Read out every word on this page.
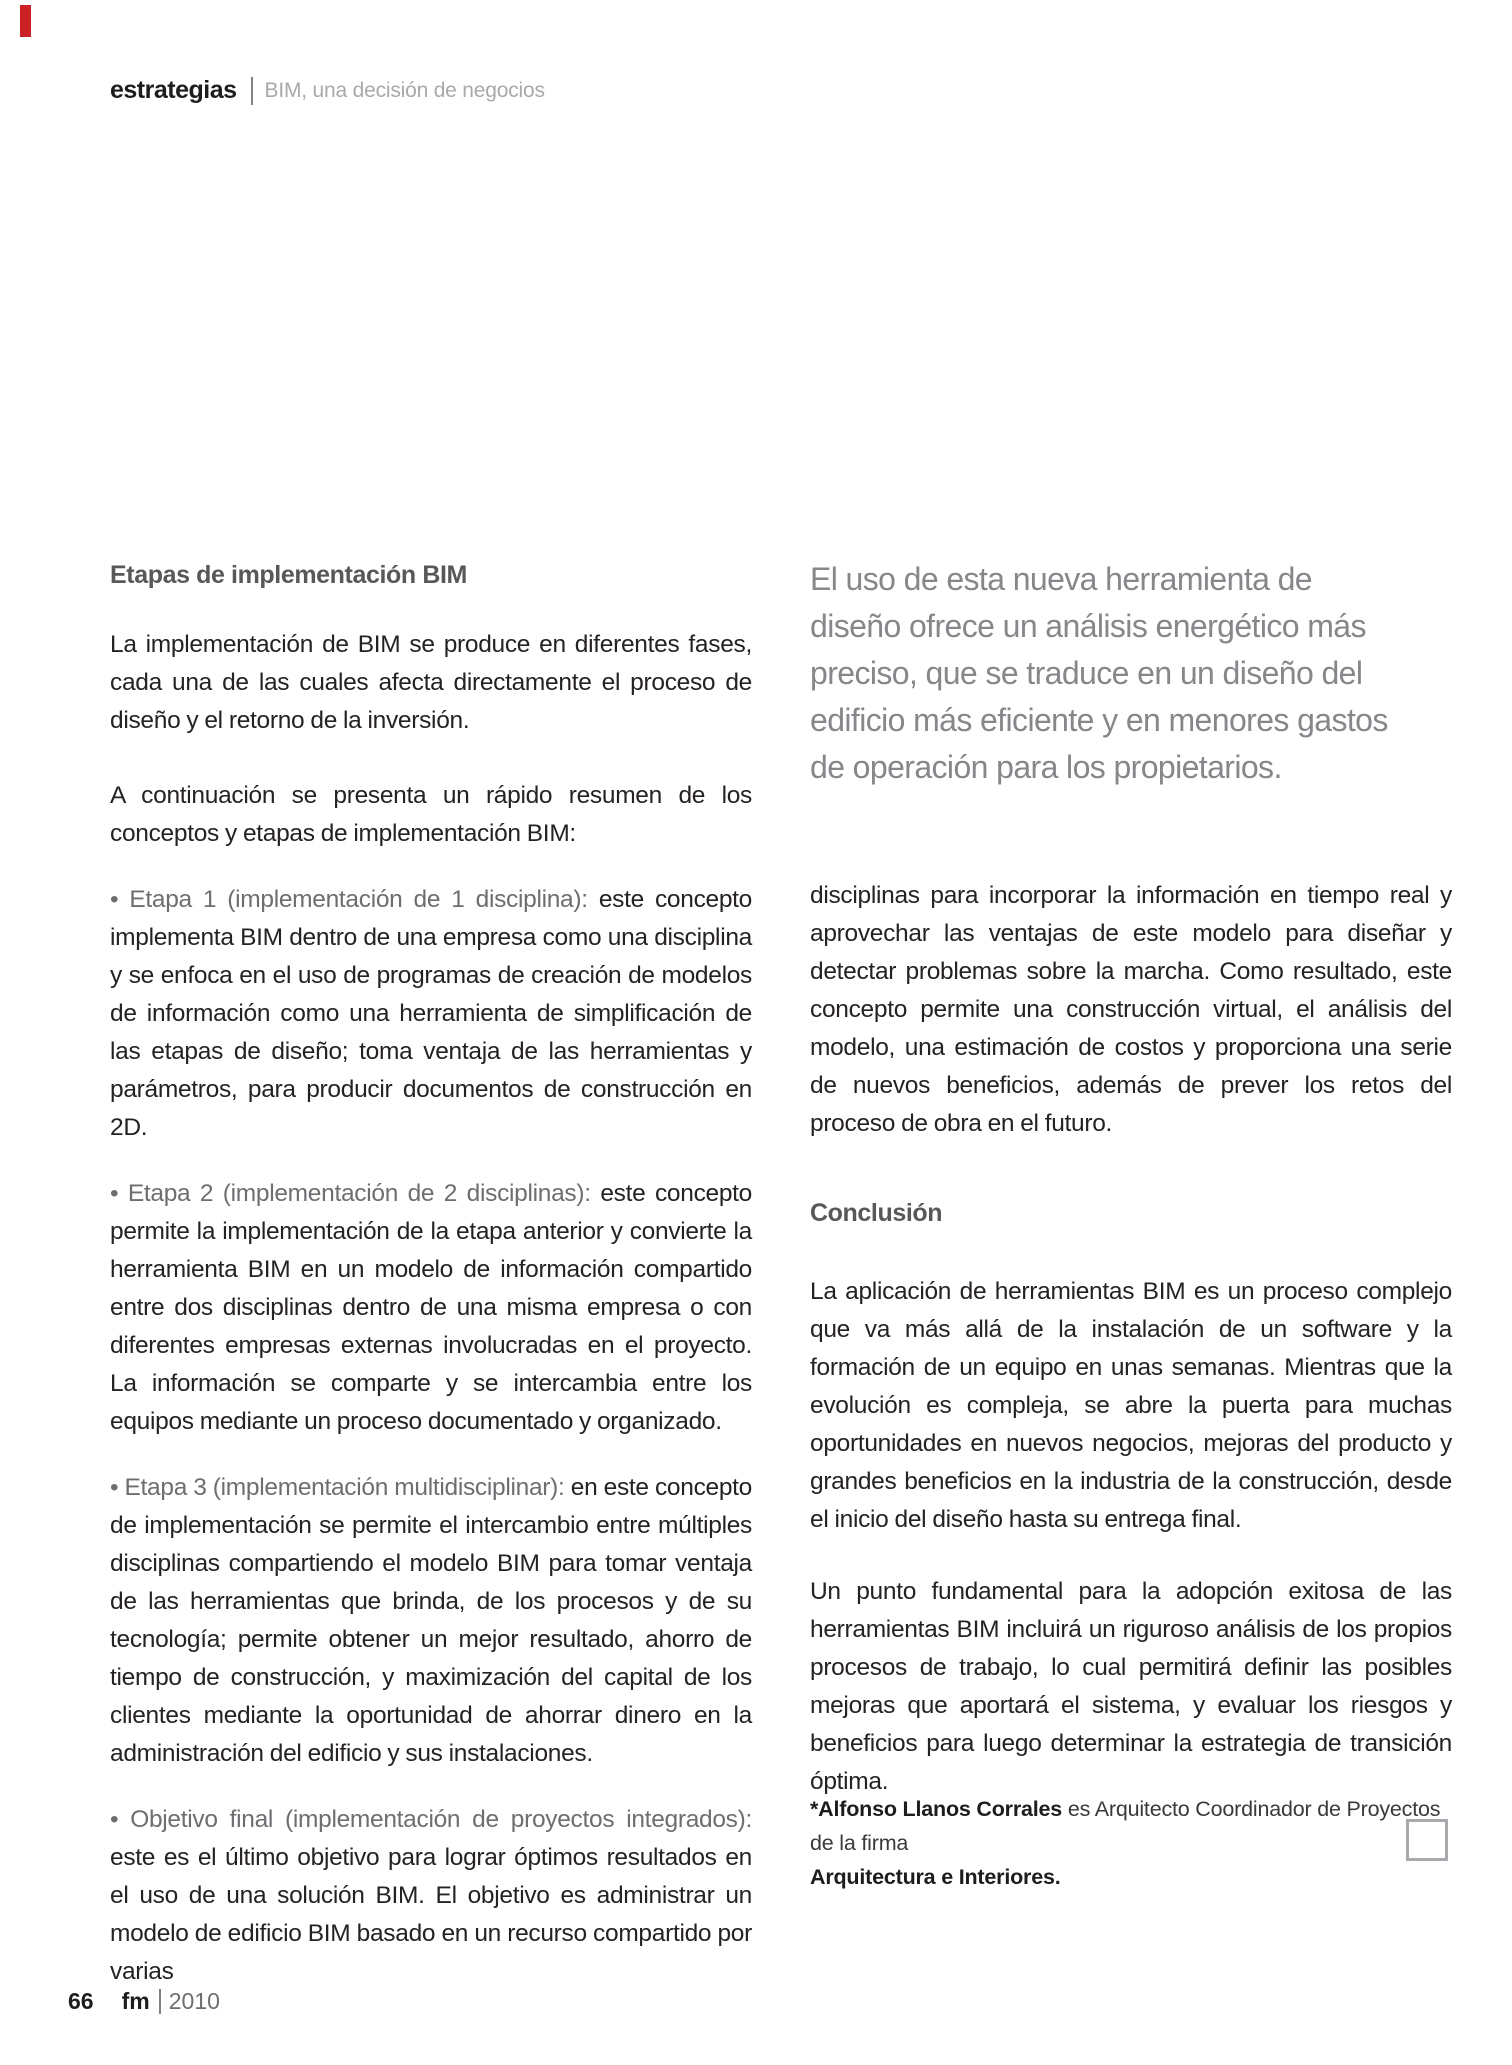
estrategias BIM, una decisión de negocios
Etapas de implementación BIM

La implementación de BIM se produce en diferentes fases, cada una de las cuales afecta directamente el proceso de diseño y el retorno de la inversión.

A continuación se presenta un rápido resumen de los conceptos y etapas de implementación BIM:

• Etapa 1 (implementación de 1 disciplina): este concepto implementa BIM dentro de una empresa como una disciplina y se enfoca en el uso de programas de creación de modelos de información como una herramienta de simplificación de las etapas de diseño; toma ventaja de las herramientas y parámetros, para producir documentos de construcción en 2D.

• Etapa 2 (implementación de 2 disciplinas): este concepto permite la implementación de la etapa anterior y convierte la herramienta BIM en un modelo de información compartido entre dos disciplinas dentro de una misma empresa o con diferentes empresas externas involucradas en el proyecto. La información se comparte y se intercambia entre los equipos mediante un proceso documentado y organizado.

• Etapa 3 (implementación multidisciplinar): en este concepto de implementación se permite el intercambio entre múltiples disciplinas compartiendo el modelo BIM para tomar ventaja de las herramientas que brinda, de los procesos y de su tecnología; permite obtener un mejor resultado, ahorro de tiempo de construcción, y maximización del capital de los clientes mediante la oportunidad de ahorrar dinero en la administración del edificio y sus instalaciones.

• Objetivo final (implementación de proyectos integrados): este es el último objetivo para lograr óptimos resultados en el uso de una solución BIM. El objetivo es administrar un modelo de edificio BIM basado en un recurso compartido por varias

El uso de esta nueva herramienta de
diseño ofrece un análisis energético más
preciso, que se traduce en un diseño del
edificio más eficiente y en menores gastos
de operación para los propietarios.

disciplinas para incorporar la información en tiempo real y aprovechar las ventajas de este modelo para diseñar y detectar problemas sobre la marcha. Como resultado, este concepto permite una construcción virtual, el análisis del modelo, una estimación de costos y proporciona una serie de nuevos beneficios, además de prever los retos del proceso de obra en el futuro.

Conclusión

La aplicación de herramientas BIM es un proceso complejo que va más allá de la instalación de un software y la formación de un equipo en unas semanas. Mientras que la evolución es compleja, se abre la puerta para muchas oportunidades en nuevos negocios, mejoras del producto y grandes beneficios en la industria de la construcción, desde el inicio del diseño hasta su entrega final.

Un punto fundamental para la adopción exitosa de las herramientas BIM incluirá un riguroso análisis de los propios procesos de trabajo, lo cual permitirá definir las posibles mejoras que aportará el sistema, y evaluar los riesgos y beneficios para luego determinar la estrategia de transición óptima.

*Alfonso Llanos Corrales es Arquitecto Coordinador de Proyectos de la firma
Arquitectura e Interiores.
66 fm 2010
